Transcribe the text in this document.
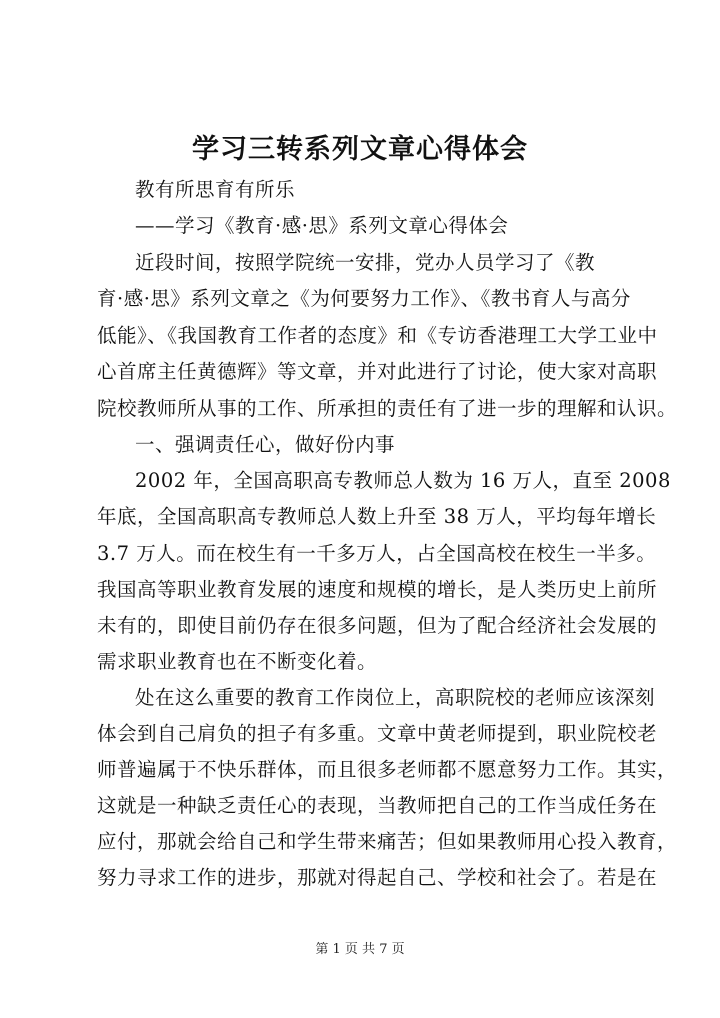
学习三转系列文章心得体会
教有所思育有所乐
——学习《教育·感·思》系列文章心得体会
近段时间，按照学院统一安排，党办人员学习了《教
育·感·思》系列文章之《为何要努力工作》、《教书育人与高分
低能》、《我国教育工作者的态度》和《专访香港理工大学工业中
心首席主任黄德辉》等文章，并对此进行了讨论，使大家对高职
院校教师所从事的工作、所承担的责任有了进一步的理解和认识。
一、强调责任心，做好份内事
2002 年，全国高职高专教师总人数为 16 万人，直至 2008
年底，全国高职高专教师总人数上升至 38 万人，平均每年增长
3.7 万人。而在校生有一千多万人，占全国高校在校生一半多。
我国高等职业教育发展的速度和规模的增长，是人类历史上前所
未有的，即使目前仍存在很多问题，但为了配合经济社会发展的
需求职业教育也在不断变化着。
处在这么重要的教育工作岗位上，高职院校的老师应该深刻
体会到自己肩负的担子有多重。文章中黄老师提到，职业院校老
师普遍属于不快乐群体，而且很多老师都不愿意努力工作。其实，
这就是一种缺乏责任心的表现，当教师把自己的工作当成任务在
应付，那就会给自己和学生带来痛苦；但如果教师用心投入教育，
努力寻求工作的进步，那就对得起自己、学校和社会了。若是在
第 1 页 共 7 页
